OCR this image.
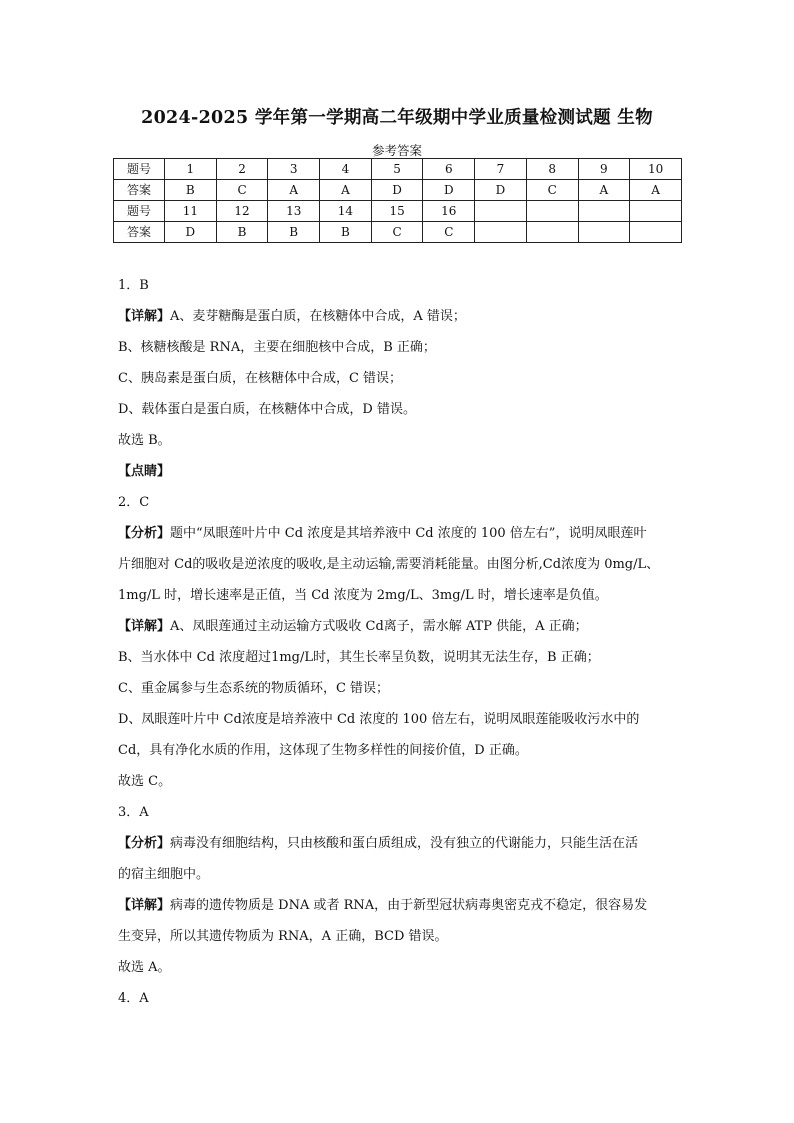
2024-2025 学年第一学期高二年级期中学业质量检测试题 生物
参考答案
题号	1	2	3	4	5	6	7	8	9	10
答案	B	C	A	A	D	D	D	C	A	A
题号	11	12	13	14	15	16				
答案	D	B	B	B	C	C				

1．B

【详解】A、麦芽糖酶是蛋白质，在核糖体中合成，A 错误；

B、核糖核酸是 RNA，主要在细胞核中合成，B 正确；

C、胰岛素是蛋白质，在核糖体中合成，C 错误；

D、载体蛋白是蛋白质，在核糖体中合成，D 错误。

故选 B。

【点睛】

2．C

【分析】题中“凤眼莲叶片中 Cd 浓度是其培养液中 Cd 浓度的 100 倍左右”，说明凤眼莲叶

片细胞对 Cd的吸收是逆浓度的吸收,是主动运输,需要消耗能量。由图分析,Cd浓度为 0mg/L、

1mg/L 时，增长速率是正值，当 Cd 浓度为 2mg/L、3mg/L 时，增长速率是负值。

【详解】A、凤眼莲通过主动运输方式吸收 Cd离子，需水解 ATP 供能，A 正确；

B、当水体中 Cd 浓度超过1mg/L时，其生长率呈负数，说明其无法生存，B 正确；

C、重金属参与生态系统的物质循环，C 错误；

D、凤眼莲叶片中 Cd浓度是培养液中 Cd 浓度的 100 倍左右，说明凤眼莲能吸收污水中的

Cd，具有净化水质的作用，这体现了生物多样性的间接价值，D 正确。

故选 C。

3．A

【分析】病毒没有细胞结构，只由核酸和蛋白质组成，没有独立的代谢能力，只能生活在活

的宿主细胞中。

【详解】病毒的遗传物质是 DNA 或者 RNA，由于新型冠状病毒奥密克戎不稳定，很容易发

生变异，所以其遗传物质为 RNA，A 正确，BCD 错误。

故选 A。

4．A
